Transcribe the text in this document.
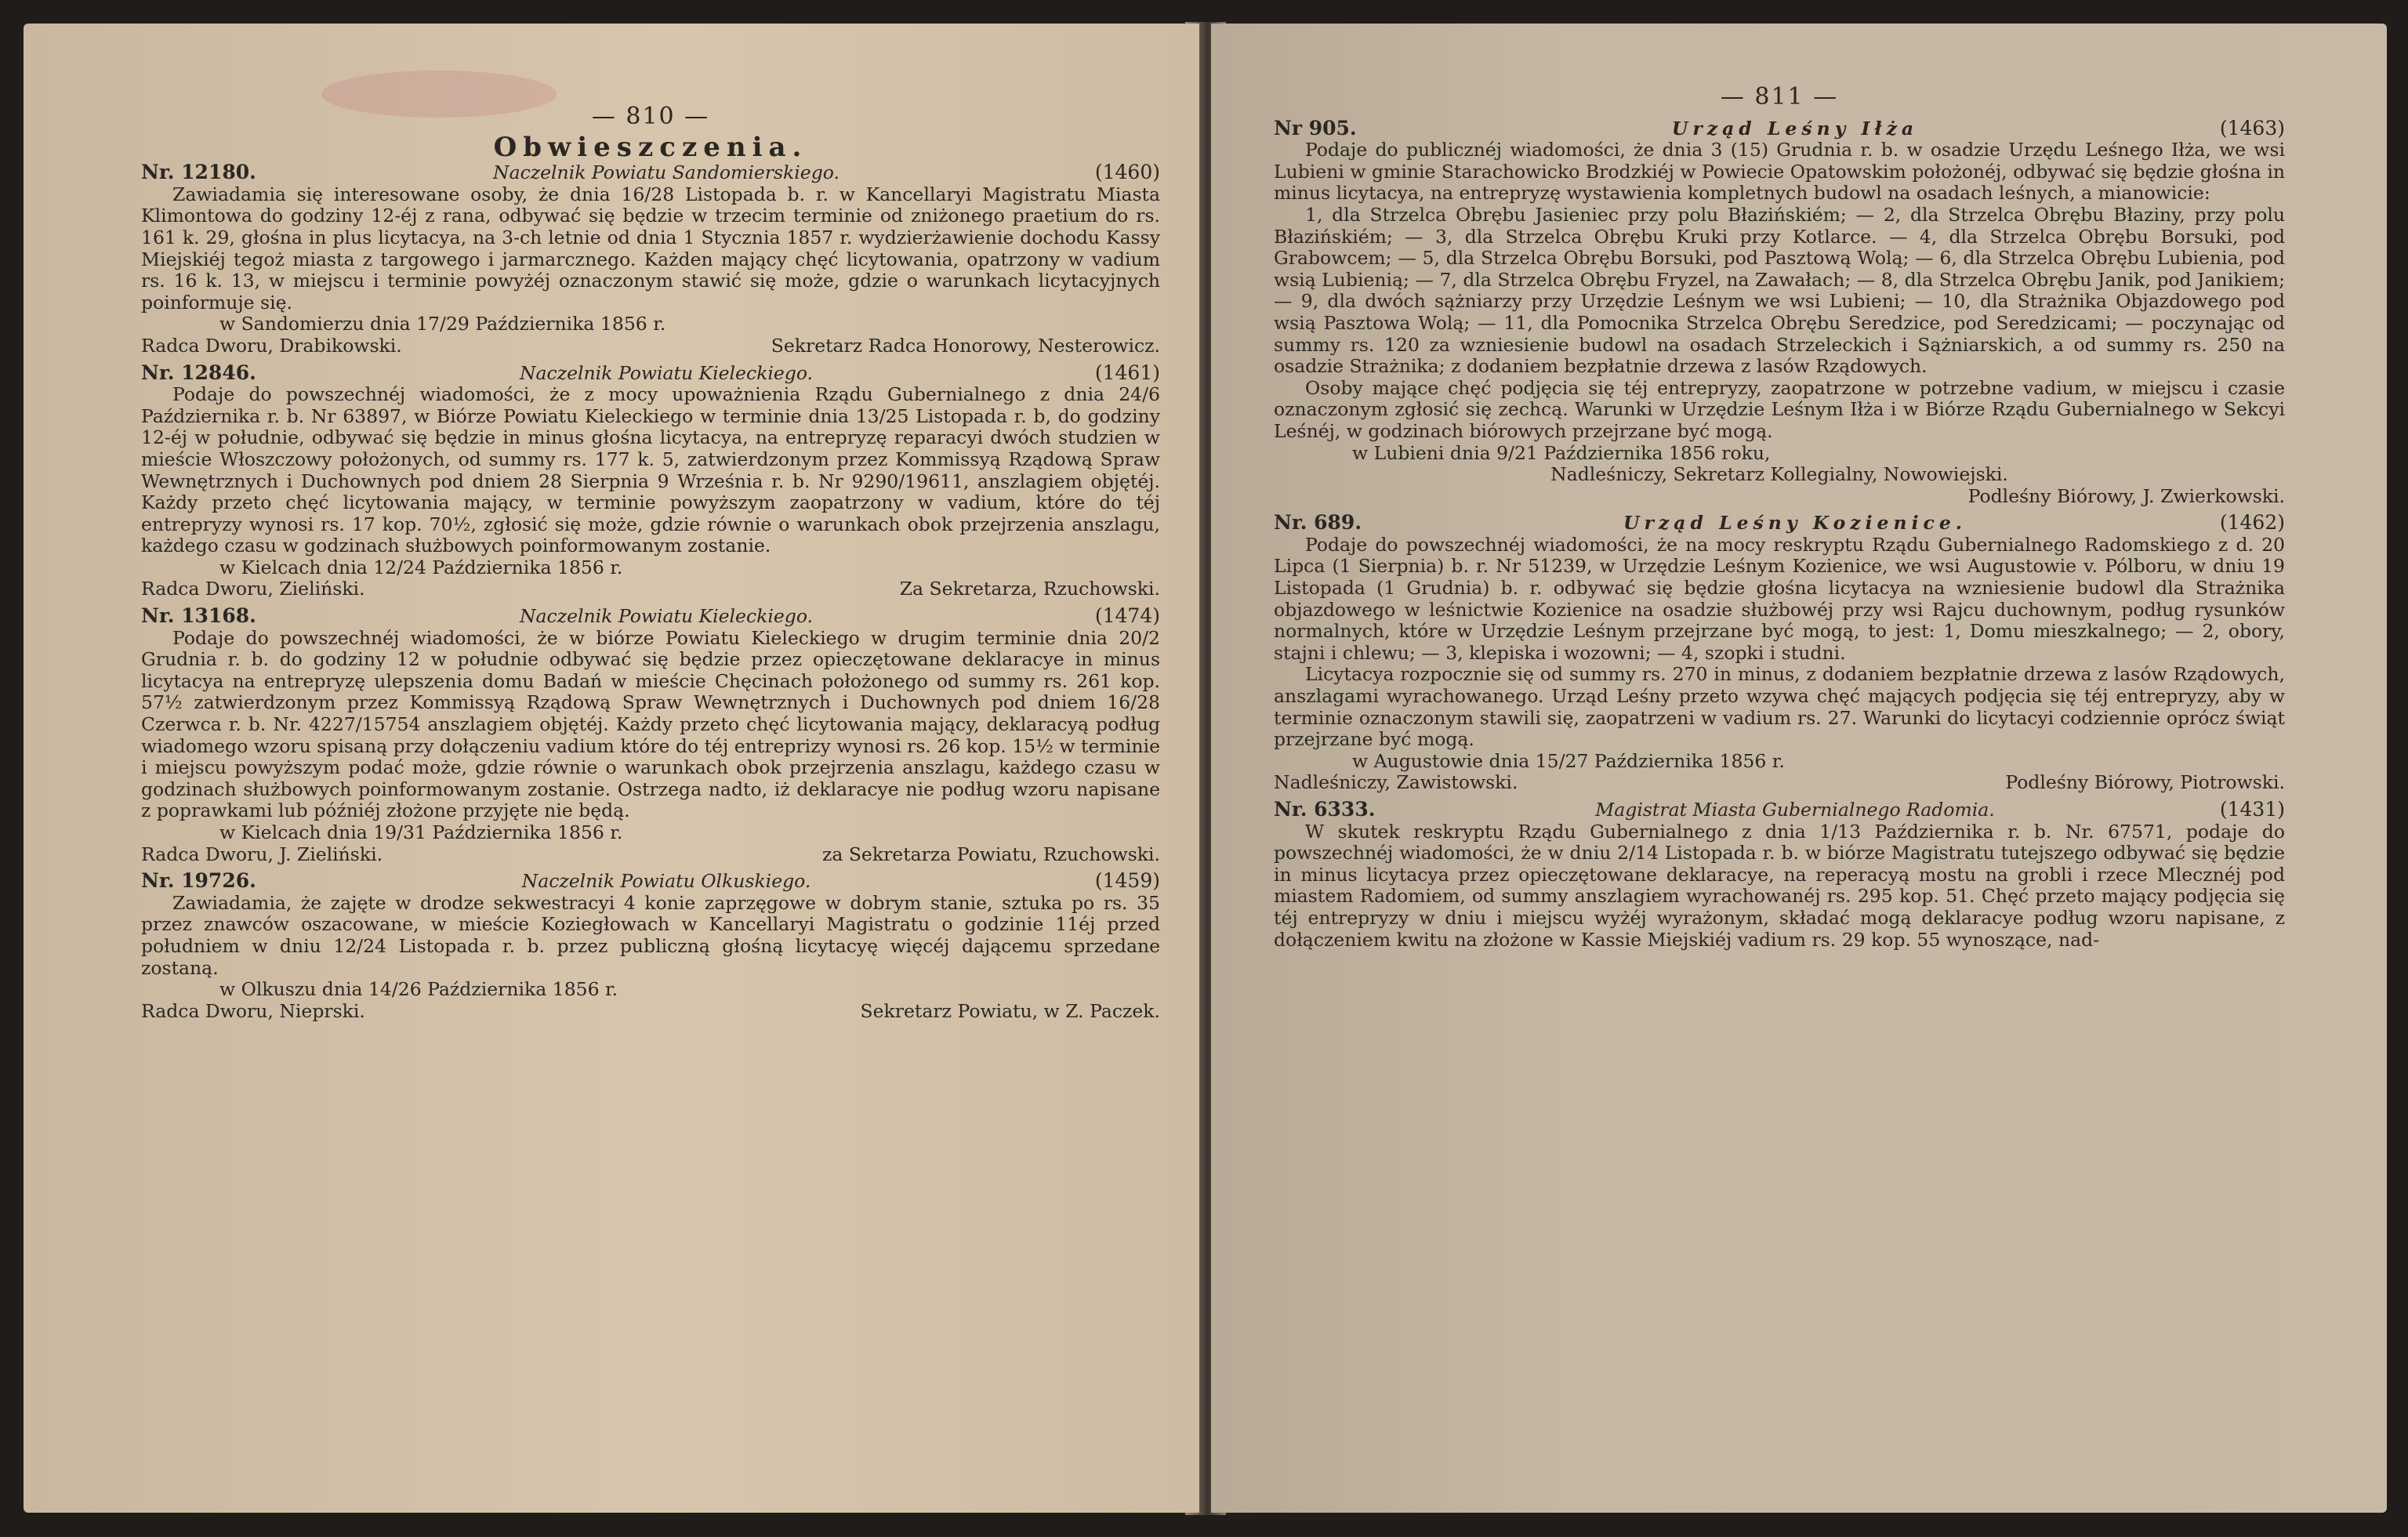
— 810 —
Obwieszczenia.
Nr. 12180.	Naczelnik Powiatu Sandomierskiego.	(1460)

Zawiadamia się interesowane osoby, że dnia 16/28 Listopada b. r. w Kancellaryi Magistratu Miasta Klimontowa do godziny 12-éj z rana, odbywać się będzie w trzecim terminie od zniżonego praetium do rs. 161 k. 29, głośna in plus licytacya, na 3-ch letnie od dnia 1 Stycznia 1857 r. wydzierżawienie dochodu Kassy Miejskiéj tegoż miasta z targowego i jarmarcznego. Każden mający chęć licytowania, opatrzony w vadium rs. 16 k. 13, w miejscu i terminie powyżéj oznaczonym stawić się może, gdzie o warunkach licytacyjnych poinformuje się.

w Sandomierzu dnia 17/29 Października 1856 r.

Radca Dworu, Drabikowski.	Sekretarz Radca Honorowy, Nesterowicz.
Nr. 12846.	Naczelnik Powiatu Kieleckiego.	(1461)

Podaje do powszechnéj wiadomości, że z mocy upoważnienia Rządu Gubernialnego z dnia 24/6 Października r. b. Nr 63897, w Biórze Powiatu Kieleckiego w terminie dnia 13/25 Listopada r. b, do godziny 12-éj w południe, odbywać się będzie in minus głośna licytacya, na entrepryzę reparacyi dwóch studzien w mieście Włoszczowy położonych, od summy rs. 177 k. 5, zatwierdzonym przez Kommissyą Rządową Spraw Wewnętrznych i Duchownych pod dniem 28 Sierpnia 9 Września r. b. Nr 9290/19611, anszlagiem objętéj. Każdy przeto chęć licytowania mający, w terminie powyższym zaopatrzony w vadium, które do téj entrepryzy wynosi rs. 17 kop. 70½, zgłosić się może, gdzie równie o warunkach obok przejrzenia anszlagu, każdego czasu w godzinach służbowych poinformowanym zostanie.

w Kielcach dnia 12/24 Października 1856 r.

Radca Dworu, Zieliński.	Za Sekretarza, Rzuchowski.
Nr. 13168.	Naczelnik Powiatu Kieleckiego.	(1474)

Podaje do powszechnéj wiadomości, że w biórze Powiatu Kieleckiego w drugim terminie dnia 20/2 Grudnia r. b. do godziny 12 w południe odbywać się będzie przez opieczętowane deklaracye in minus licytacya na entrepryzę ulepszenia domu Badań w mieście Chęcinach położonego od summy rs. 261 kop. 57½ zatwierdzonym przez Kommissyą Rządową Spraw Wewnętrznych i Duchownych pod dniem 16/28 Czerwca r. b. Nr. 4227/15754 anszlagiem objętéj. Każdy przeto chęć licytowania mający, deklaracyą podług wiadomego wzoru spisaną przy dołączeniu vadium które do téj entreprizy wynosi rs. 26 kop. 15½ w terminie i miejscu powyższym podać może, gdzie równie o warunkach obok przejrzenia anszlagu, każdego czasu w godzinach służbowych poinformowanym zostanie. Ostrzega nadto, iż deklaracye nie podług wzoru napisane z poprawkami lub późniéj złożone przyjęte nie będą.

w Kielcach dnia 19/31 Października 1856 r.

Radca Dworu, J. Zieliński.	za Sekretarza Powiatu, Rzuchowski.
Nr. 19726.	Naczelnik Powiatu Olkuskiego.	(1459)

Zawiadamia, że zajęte w drodze sekwestracyi 4 konie zaprzęgowe w dobrym stanie, sztuka po rs. 35 przez znawców oszacowane, w mieście Koziegłowach w Kancellaryi Magistratu o godzinie 11éj przed południem w dniu 12/24 Listopada r. b. przez publiczną głośną licytacyę więcéj dającemu sprzedane zostaną.

w Olkuszu dnia 14/26 Października 1856 r.

Radca Dworu, Nieprski.	Sekretarz Powiatu, w Z. Paczek.
— 811 —
Nr 905.	Urząd Leśny Iłża	(1463)

Podaje do publicznéj wiadomości, że dnia 3 (15) Grudnia r. b. w osadzie Urzędu Leśnego Iłża, we wsi Lubieni w gminie Starachowicko Brodzkiéj w Powiecie Opatowskim położonéj, odbywać się będzie głośna in minus licytacya, na entrepryzę wystawienia kompletnych budowl na osadach leśnych, a mianowicie:

1, dla Strzelca Obrębu Jasieniec przy polu Błazińskiém; — 2, dla Strzelca Obrębu Błaziny, przy polu Błazińskiém; — 3, dla Strzelca Obrębu Kruki przy Kotlarce. — 4, dla Strzelca Obrębu Borsuki, pod Grabowcem; — 5, dla Strzelca Obrębu Borsuki, pod Pasztową Wolą; — 6, dla Strzelca Obrębu Lubienia, pod wsią Lubienią; — 7, dla Strzelca Obrębu Fryzel, na Zawałach; — 8, dla Strzelca Obrębu Janik, pod Janikiem; — 9, dla dwóch sążniarzy przy Urzędzie Leśnym we wsi Lubieni; — 10, dla Strażnika Objazdowego pod wsią Pasztowa Wolą; — 11, dla Pomocnika Strzelca Obrębu Seredzice, pod Seredzicami; — poczynając od summy rs. 120 za wzniesienie budowl na osadach Strzeleckich i Sążniarskich, a od summy rs. 250 na osadzie Strażnika; z dodaniem bezpłatnie drzewa z lasów Rządowych.

Osoby mające chęć podjęcia się téj entrepryzy, zaopatrzone w potrzebne vadium, w miejscu i czasie oznaczonym zgłosić się zechcą. Warunki w Urzędzie Leśnym Iłża i w Biórze Rządu Gubernialnego w Sekcyi Leśnéj, w godzinach biórowych przejrzane być mogą.

w Lubieni dnia 9/21 Października 1856 roku,

Nadleśniczy, Sekretarz Kollegialny, Nowowiejski.

Podleśny Biórowy, J. Zwierkowski.

Nr. 689.	Urząd Leśny Kozienice.	(1462)

Podaje do powszechnéj wiadomości, że na mocy reskryptu Rządu Gubernialnego Radomskiego z d. 20 Lipca (1 Sierpnia) b. r. Nr 51239, w Urzędzie Leśnym Kozienice, we wsi Augustowie v. Pólboru, w dniu 19 Listopada (1 Grudnia) b. r. odbywać się będzie głośna licytacya na wzniesienie budowl dla Strażnika objazdowego w leśnictwie Kozienice na osadzie służbowéj przy wsi Rajcu duchownym, podług rysunków normalnych, które w Urzędzie Leśnym przejrzane być mogą, to jest: 1, Domu mieszkalnego; — 2, obory, stajni i chlewu; — 3, klepiska i wozowni; — 4, szopki i studni.

Licytacya rozpocznie się od summy rs. 270 in minus, z dodaniem bezpłatnie drzewa z lasów Rządowych, anszlagami wyrachowanego. Urząd Leśny przeto wzywa chęć mających podjęcia się téj entrepryzy, aby w terminie oznaczonym stawili się, zaopatrzeni w vadium rs. 27. Warunki do licytacyi codziennie oprócz świąt przejrzane być mogą.

w Augustowie dnia 15/27 Października 1856 r.

Nadleśniczy, Zawistowski.	Podleśny Biórowy, Piotrowski.
Nr. 6333.	Magistrat Miasta Gubernialnego Radomia.	(1431)

W skutek reskryptu Rządu Gubernialnego z dnia 1/13 Października r. b. Nr. 67571, podaje do powszechnéj wiadomości, że w dniu 2/14 Listopada r. b. w biórze Magistratu tutejszego odbywać się będzie in minus licytacya przez opieczętowane deklaracye, na reperacyą mostu na grobli i rzece Mlecznéj pod miastem Radomiem, od summy anszlagiem wyrachowanéj rs. 295 kop. 51. Chęć przeto mający podjęcia się téj entrepryzy w dniu i miejscu wyżéj wyrażonym, składać mogą deklaracye podług wzoru napisane, z dołączeniem kwitu na złożone w Kassie Miejskiéj vadium rs. 29 kop. 55 wynoszące, nad-
